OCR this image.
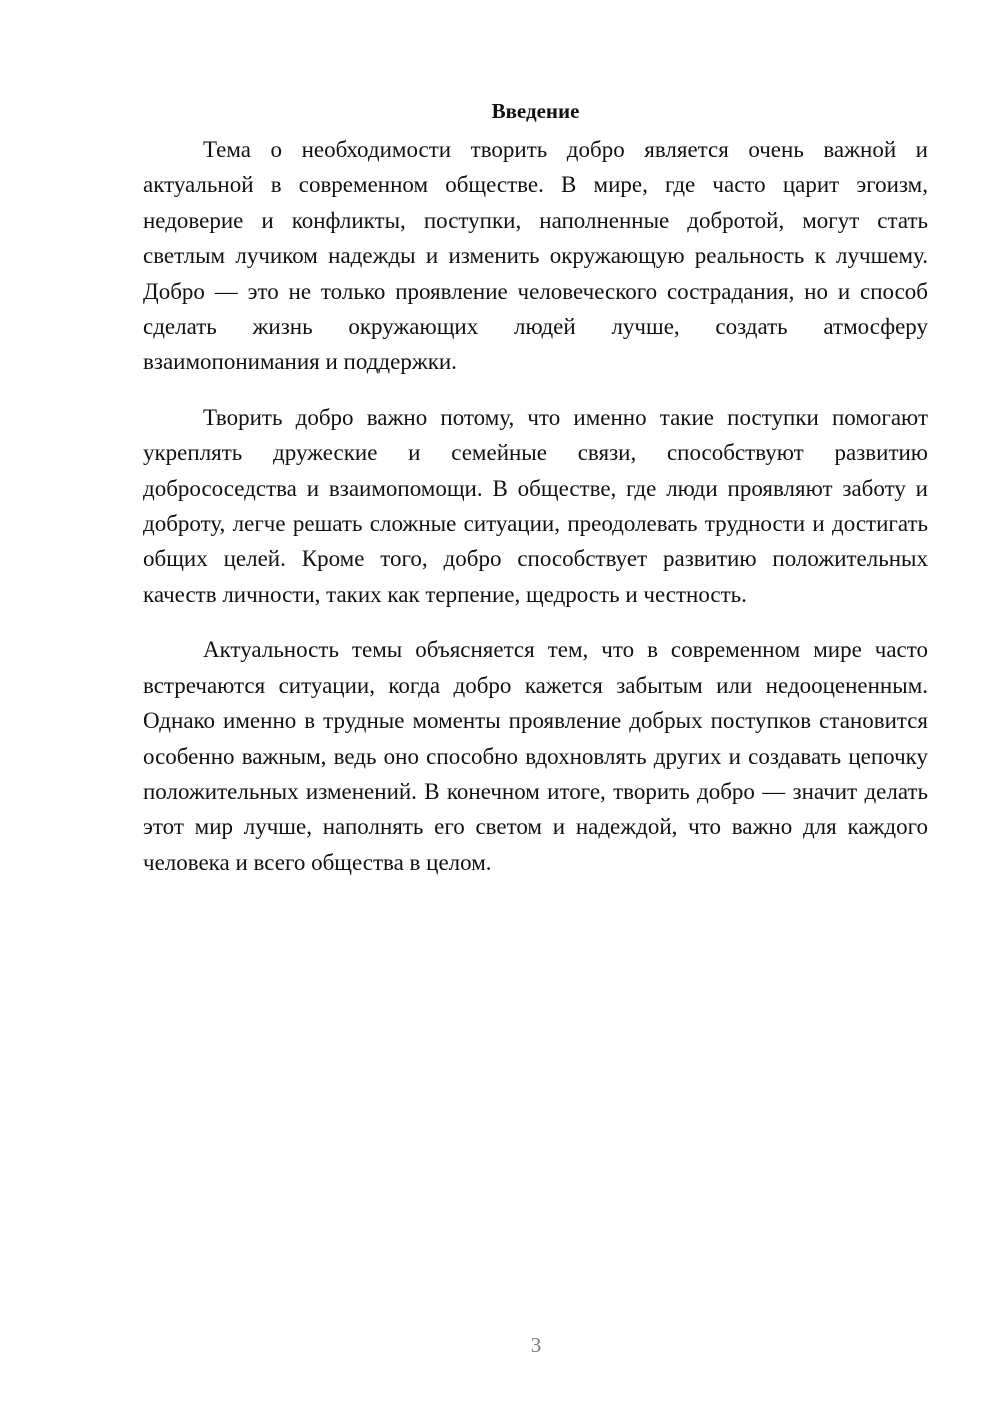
Введение

Тема о необходимости творить добро является очень важной и актуальной в современном обществе. В мире, где часто царит эгоизм, недоверие и конфликты, поступки, наполненные добротой, могут стать светлым лучиком надежды и изменить окружающую реальность к лучшему. Добро — это не только проявление человеческого сострадания, но и способ сделать жизнь окружающих людей лучше, создать атмосферу взаимопонимания и поддержки.

Творить добро важно потому, что именно такие поступки помогают укреплять дружеские и семейные связи, способствуют развитию добрососедства и взаимопомощи. В обществе, где люди проявляют заботу и доброту, легче решать сложные ситуации, преодолевать трудности и достигать общих целей. Кроме того, добро способствует развитию положительных качеств личности, таких как терпение, щедрость и честность.

Актуальность темы объясняется тем, что в современном мире часто встречаются ситуации, когда добро кажется забытым или недооцененным. Однако именно в трудные моменты проявление добрых поступков становится особенно важным, ведь оно способно вдохновлять других и создавать цепочку положительных изменений. В конечном итоге, творить добро — значит делать этот мир лучше, наполнять его светом и надеждой, что важно для каждого человека и всего общества в целом.

3
